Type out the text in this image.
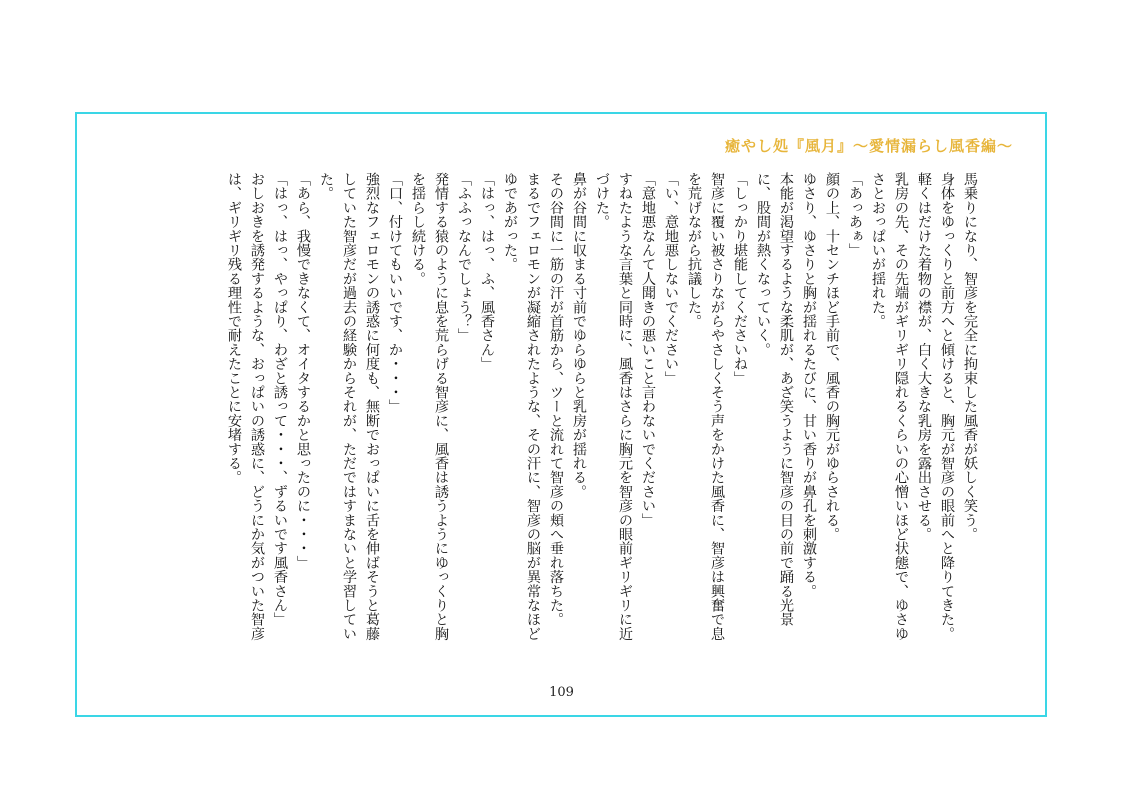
癒やし処『風月』〜愛情漏らし風香編〜

馬乗りになり、智彦を完全に拘束した風香が妖しく笑う。

身体をゆっくりと前方へと傾けると、胸元が智彦の眼前へと降りてきた。

軽くはだけた着物の襟が、白く大きな乳房を露出させる。

乳房の先、その先端がギリギリ隠れるくらいの心憎いほど状態で、ゆさゆさとおっぱいが揺れた。

「あっあぁ」

顔の上、十センチほど手前で、風香の胸元がゆらされる。

ゆさり、ゆさりと胸が揺れるたびに、甘い香りが鼻孔を刺激する。

本能が渇望するような柔肌が、あざ笑うように智彦の目の前で踊る光景に、股間が熱くなっていく。

「しっかり堪能してくださいね」

智彦に覆い被さりながらやさしくそう声をかけた風香に、智彦は興奮で息を荒げながら抗議した。

「い、意地悪しないでください」

「意地悪なんて人聞きの悪いこと言わないでください」

すねたような言葉と同時に、風香はさらに胸元を智彦の眼前ギリギリに近づけた。

鼻が谷間に収まる寸前でゆらゆらと乳房が揺れる。

その谷間に一筋の汗が首筋から、ツーと流れて智彦の頬へ垂れ落ちた。

まるでフェロモンが凝縮されたような、その汗に、智彦の脳が異常なほどゆであがった。

「はっ、はっ、ふ、風香さん」

「ふふっなんでしょう？」

発情する猿のように息を荒らげる智彦に、風香は誘うようにゆっくりと胸を揺らし続ける。

「口、付けてもいいです、か・・・」

強烈なフェロモンの誘惑に何度も、無断でおっぱいに舌を伸ばそうと葛藤していた智彦だが過去の経験からそれが、ただではすまないと学習していた。

「あら、我慢できなくて、オイタするかと思ったのに・・・」

「はっ、はっ、やっぱり、わざと誘って・・・、ずるいです風香さん」

おしおきを誘発するような、おっぱいの誘惑に、どうにか気がついた智彦は、ギリギリ残る理性で耐えたことに安堵する。

109
